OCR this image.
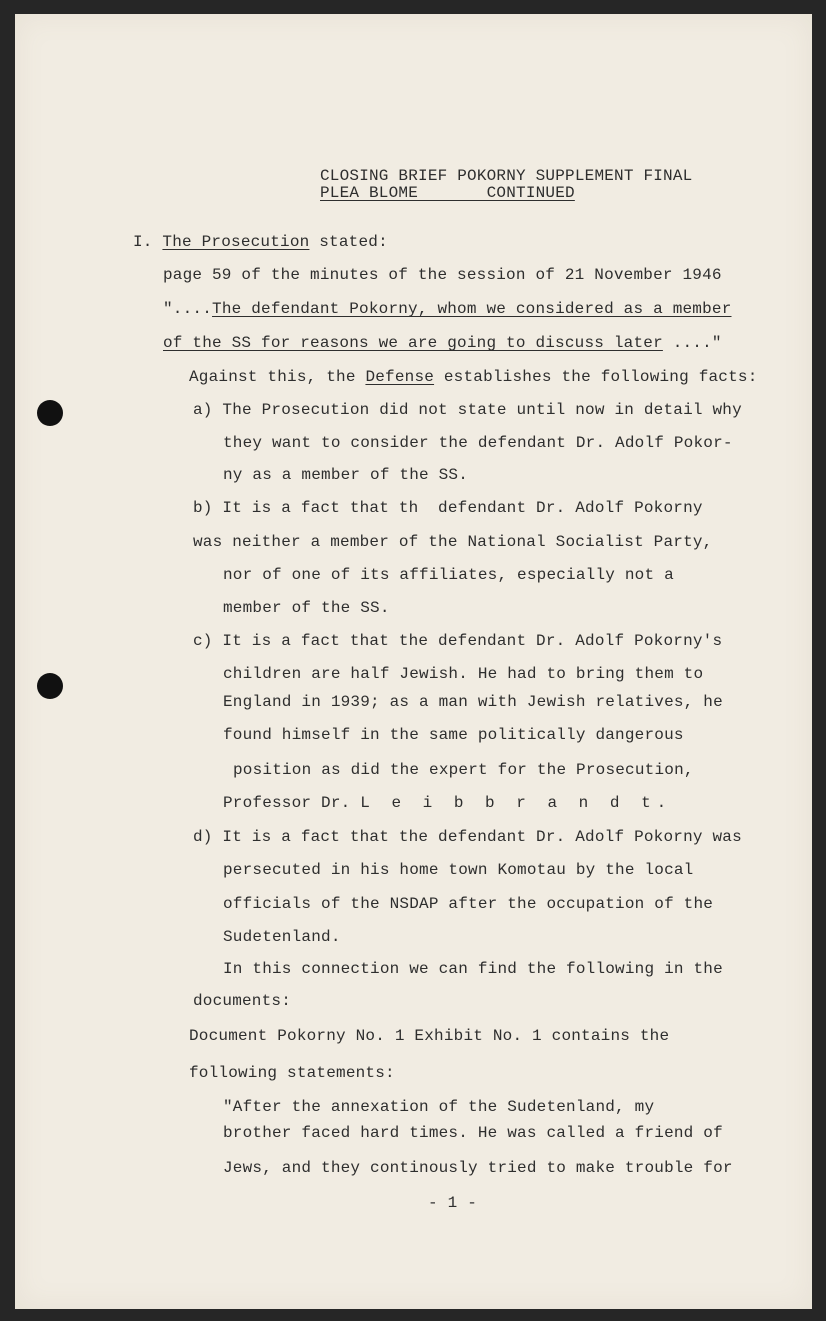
CLOSING BRIEF POKORNY SUPPLEMENT FINAL
PLEA BLOME       CONTINUED
I. The Prosecution stated:
page 59 of the minutes of the session of 21 November 1946
"....The defendant Pokorny, whom we considered as a member
of the SS for reasons we are going to discuss later ...."
Against this, the Defense establishes the following facts:
a) The Prosecution did not state until now in detail why
they want to consider the defendant Dr. Adolf Pokor-
ny as a member of the SS.
b) It is a fact that th  defendant Dr. Adolf Pokorny
was neither a member of the National Socialist Party,
nor of one of its affiliates, especially not a
member of the SS.
c) It is a fact that the defendant Dr. Adolf Pokorny's
children are half Jewish. He had to bring them to
England in 1939; as a man with Jewish relatives, he
found himself in the same politically dangerous
position as did the expert for the Prosecution,
Professor Dr. L e i b b r a n d t.
d) It is a fact that the defendant Dr. Adolf Pokorny was
persecuted in his home town Komotau by the local
officials of the NSDAP after the occupation of the
Sudetenland.
In this connection we can find the following in the
documents:
Document Pokorny No. 1 Exhibit No. 1 contains the
following statements:
"After the annexation of the Sudetenland, my
brother faced hard times. He was called a friend of
Jews, and they continously tried to make trouble for
- 1 -
